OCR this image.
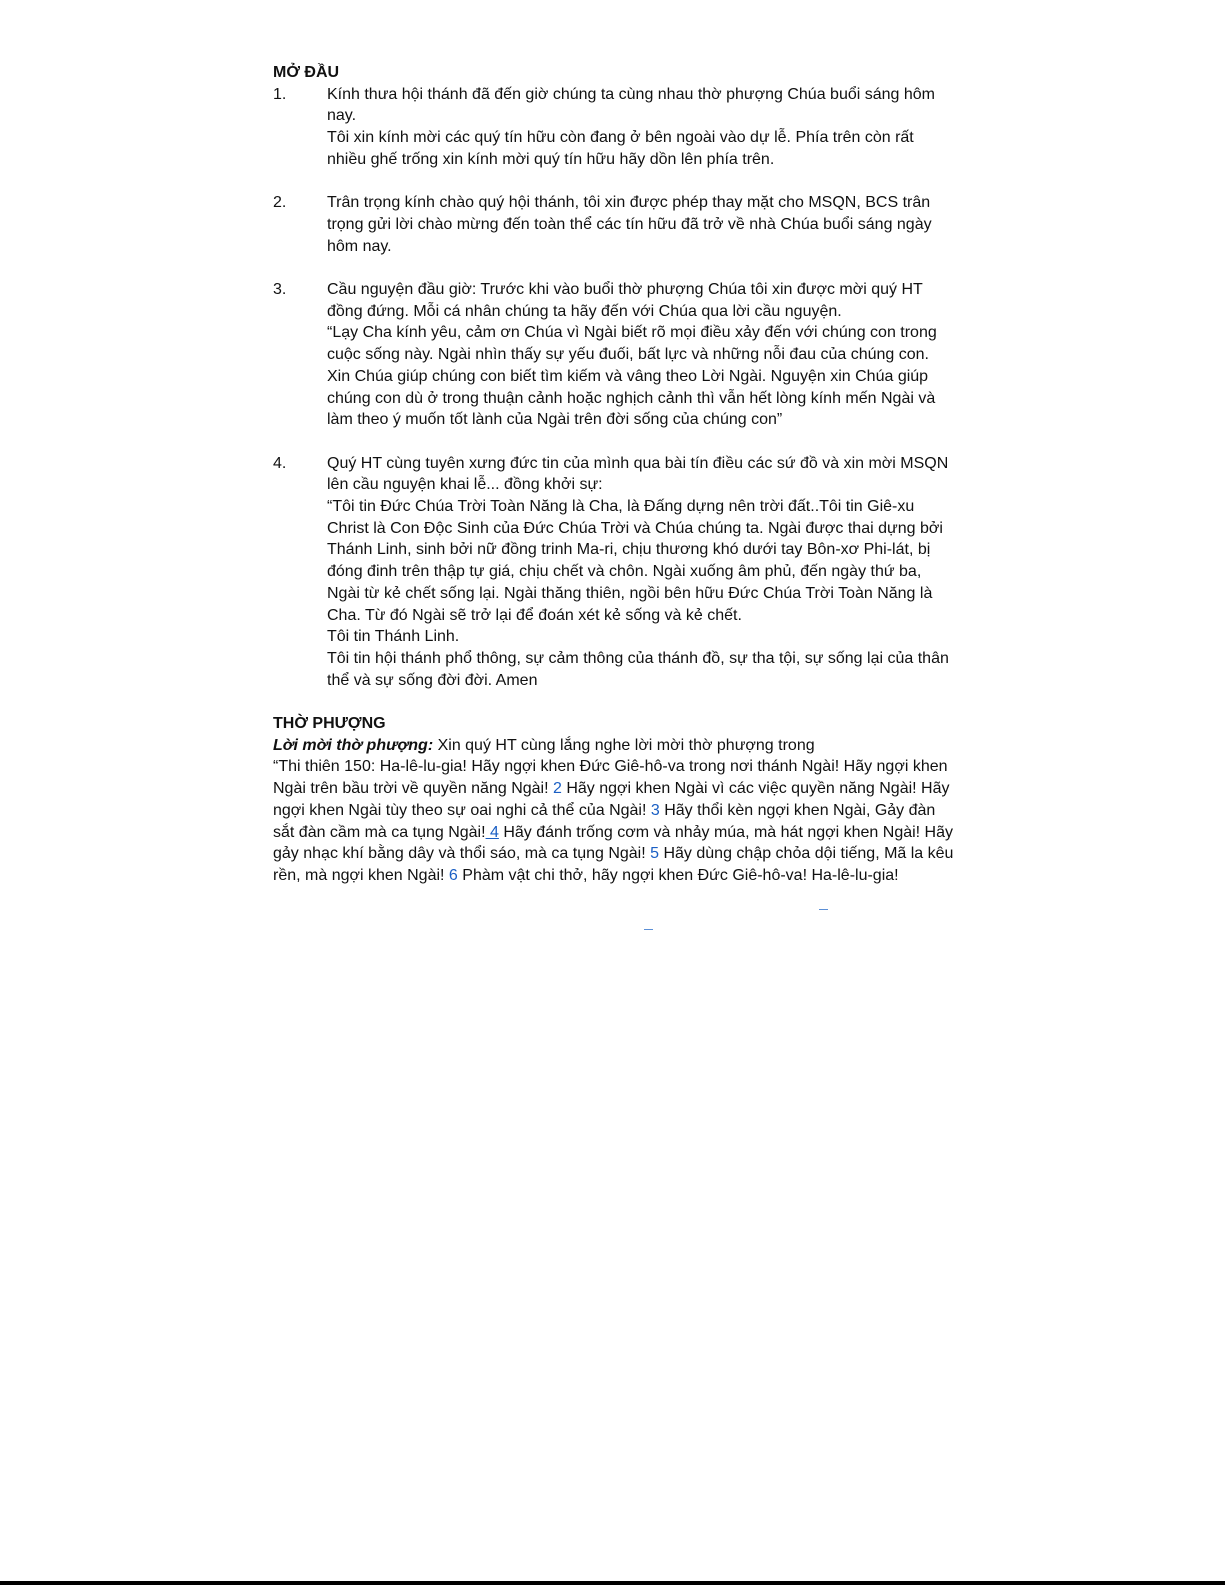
MỞ ĐẦU
1.	Kính thưa hội thánh đã đến giờ chúng ta cùng nhau thờ phượng Chúa buổi sáng hôm nay.

Tôi xin kính mời các quý tín hữu còn đang ở bên ngoài vào dự lễ. Phía trên còn rất nhiều ghế trống xin kính mời quý tín hữu hãy dồn lên phía trên.

2.	Trân trọng kính chào quý hội thánh, tôi xin được phép thay mặt cho MSQN, BCS trân trọng gửi lời chào mừng đến toàn thể các tín hữu đã trở về nhà Chúa buổi sáng ngày hôm nay.

3.	Cầu nguyện đầu giờ: Trước khi vào buổi thờ phượng Chúa tôi xin được mời quý HT đồng đứng. Mỗi cá nhân chúng ta hãy đến với Chúa qua lời cầu nguyện.

“Lạy Cha kính yêu, cảm ơn Chúa vì Ngài biết rõ mọi điều xảy đến với chúng con trong cuộc sống này. Ngài nhìn thấy sự yếu đuối, bất lực và những nỗi đau của chúng con. Xin Chúa giúp chúng con biết tìm kiếm và vâng theo Lời Ngài. Nguyện xin Chúa giúp chúng con dù ở trong thuận cảnh hoặc nghịch cảnh thì vẫn hết lòng kính mến Ngài và làm theo ý muốn tốt lành của Ngài trên đời sống của chúng con”

4.	Quý HT cùng tuyên xưng đức tin của mình qua bài tín điều các sứ đồ và xin mời MSQN lên cầu nguyện khai lễ... đồng khởi sự:

“Tôi tin Đức Chúa Trời Toàn Năng là Cha, là Đấng dựng nên trời đất..Tôi tin Giê-xu Christ là Con Độc Sinh của Đức Chúa Trời và Chúa chúng ta. Ngài được thai dựng bởi Thánh Linh, sinh bởi nữ đồng trinh Ma-ri, chịu thương khó dưới tay Bôn-xơ Phi-lát, bị đóng đinh trên thập tự giá, chịu chết và chôn. Ngài xuống âm phủ, đến ngày thứ ba, Ngài từ kẻ chết sống lại. Ngài thăng thiên, ngồi bên hữu Đức Chúa Trời Toàn Năng là Cha. Từ đó Ngài sẽ trở lại để đoán xét kẻ sống và kẻ chết.

Tôi tin Thánh Linh.

Tôi tin hội thánh phổ thông, sự cảm thông của thánh đồ, sự tha tội, sự sống lại của thân thể và sự sống đời đời. Amen

THỜ PHƯỢNG

Lời mời thờ phượng: Xin quý HT cùng lắng nghe lời mời thờ phượng trong

“Thi thiên 150: Ha-lê-lu-gia! Hãy ngợi khen Đức Giê-hô-va trong nơi thánh Ngài! Hãy ngợi khen Ngài trên bầu trời về quyền năng Ngài! 2 Hãy ngợi khen Ngài vì các việc quyền năng Ngài! Hãy ngợi khen Ngài tùy theo sự oai nghi cả thể của Ngài! 3 Hãy thổi kèn ngợi khen Ngài, Gảy đàn sắt đàn cầm mà ca tụng Ngài! 4 Hãy đánh trống cơm và nhảy múa, mà hát ngợi khen Ngài! Hãy gảy nhạc khí bằng dây và thổi sáo, mà ca tụng Ngài! 5 Hãy dùng chập chỏa dội tiếng, Mã la kêu rền, mà ngợi khen Ngài! 6 Phàm vật chi thở, hãy ngợi khen Đức Giê-hô-va! Ha-lê-lu-gia!
